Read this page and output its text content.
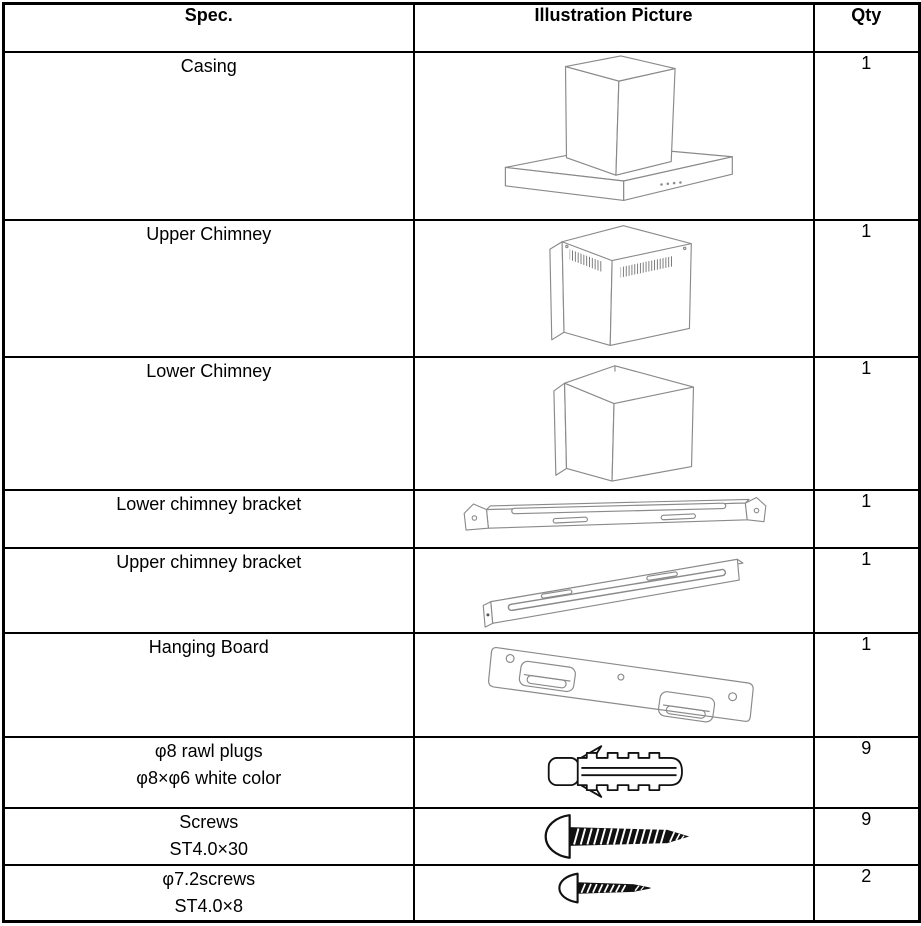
Spec.	Illustration Picture	Qty

Casing		1

Upper Chimney		1

Lower Chimney		1

Lower chimney bracket		1

Upper chimney bracket		1

Hanging Board		1

φ8 rawl plugs
φ8×φ6 white color		9

Screws
ST4.0×30		9

φ7.2screws
ST4.0×8		2
